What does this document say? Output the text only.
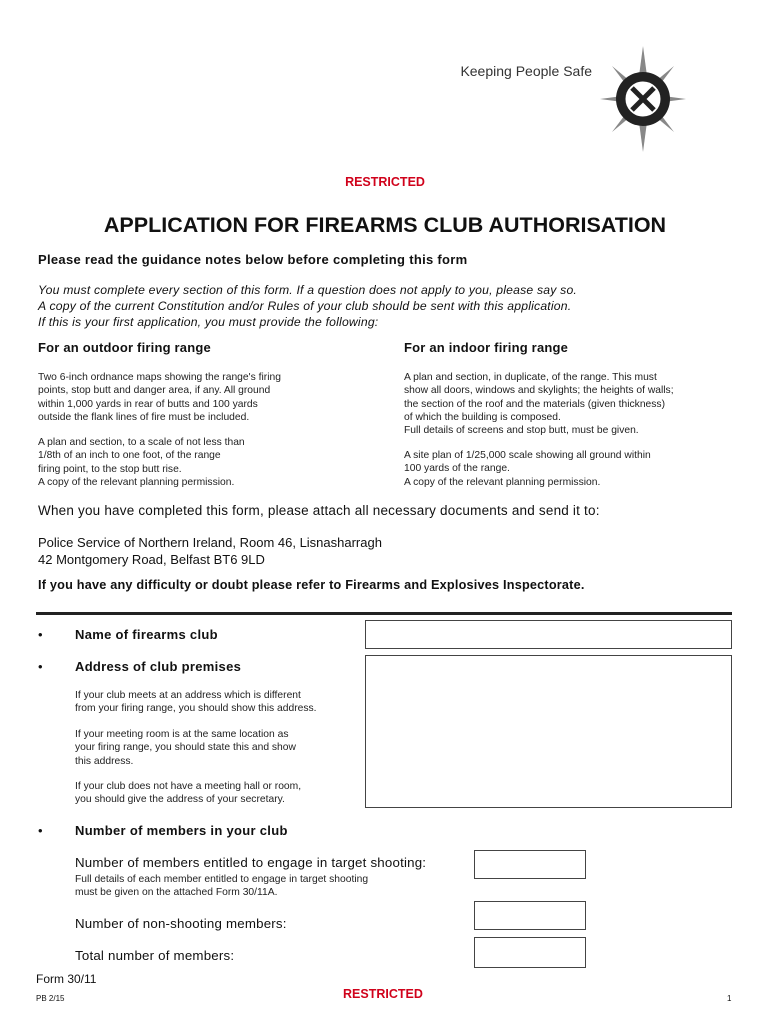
Keeping People Safe
RESTRICTED
APPLICATION FOR FIREARMS CLUB AUTHORISATION
Please read the guidance notes below before completing this form
You must complete every section of this form. If a question does not apply to you, please say so.
A copy of the current Constitution and/or Rules of your club should be sent with this application.
If this is your first application, you must provide the following:
For an outdoor firing range	For an indoor firing range
Two 6-inch ordnance maps showing the range's firing
points, stop butt and danger area, if any. All ground
within 1,000 yards in rear of butts and 100 yards
outside the flank lines of fire must be included.
A plan and section, to a scale of not less than
1/8th of an inch to one foot, of the range
firing point, to the stop butt rise.
A copy of the relevant planning permission.
A plan and section, in duplicate, of the range. This must
show all doors, windows and skylights; the heights of walls;
the section of the roof and the materials (given thickness)
of which the building is composed.
Full details of screens and stop butt, must be given.
A site plan of 1/25,000 scale showing all ground within
100 yards of the range.
A copy of the relevant planning permission.
When you have completed this form, please attach all necessary documents and send it to:
Police Service of Northern Ireland, Room 46, Lisnasharragh
42 Montgomery Road, Belfast BT6 9LD
If you have any difficulty or doubt please refer to Firearms and Explosives Inspectorate.
• Name of firearms club
• Address of club premises
If your club meets at an address which is different
from your firing range, you should show this address.
If your meeting room is at the same location as
your firing range, you should state this and show
this address.
If your club does not have a meeting hall or room,
you should give the address of your secretary.
• Number of members in your club
Number of members entitled to engage in target shooting:
Full details of each member entitled to engage in target shooting
must be given on the attached Form 30/11A.
Number of non-shooting members:
Total number of members:
Form 30/11
PB 2/15	RESTRICTED	1
